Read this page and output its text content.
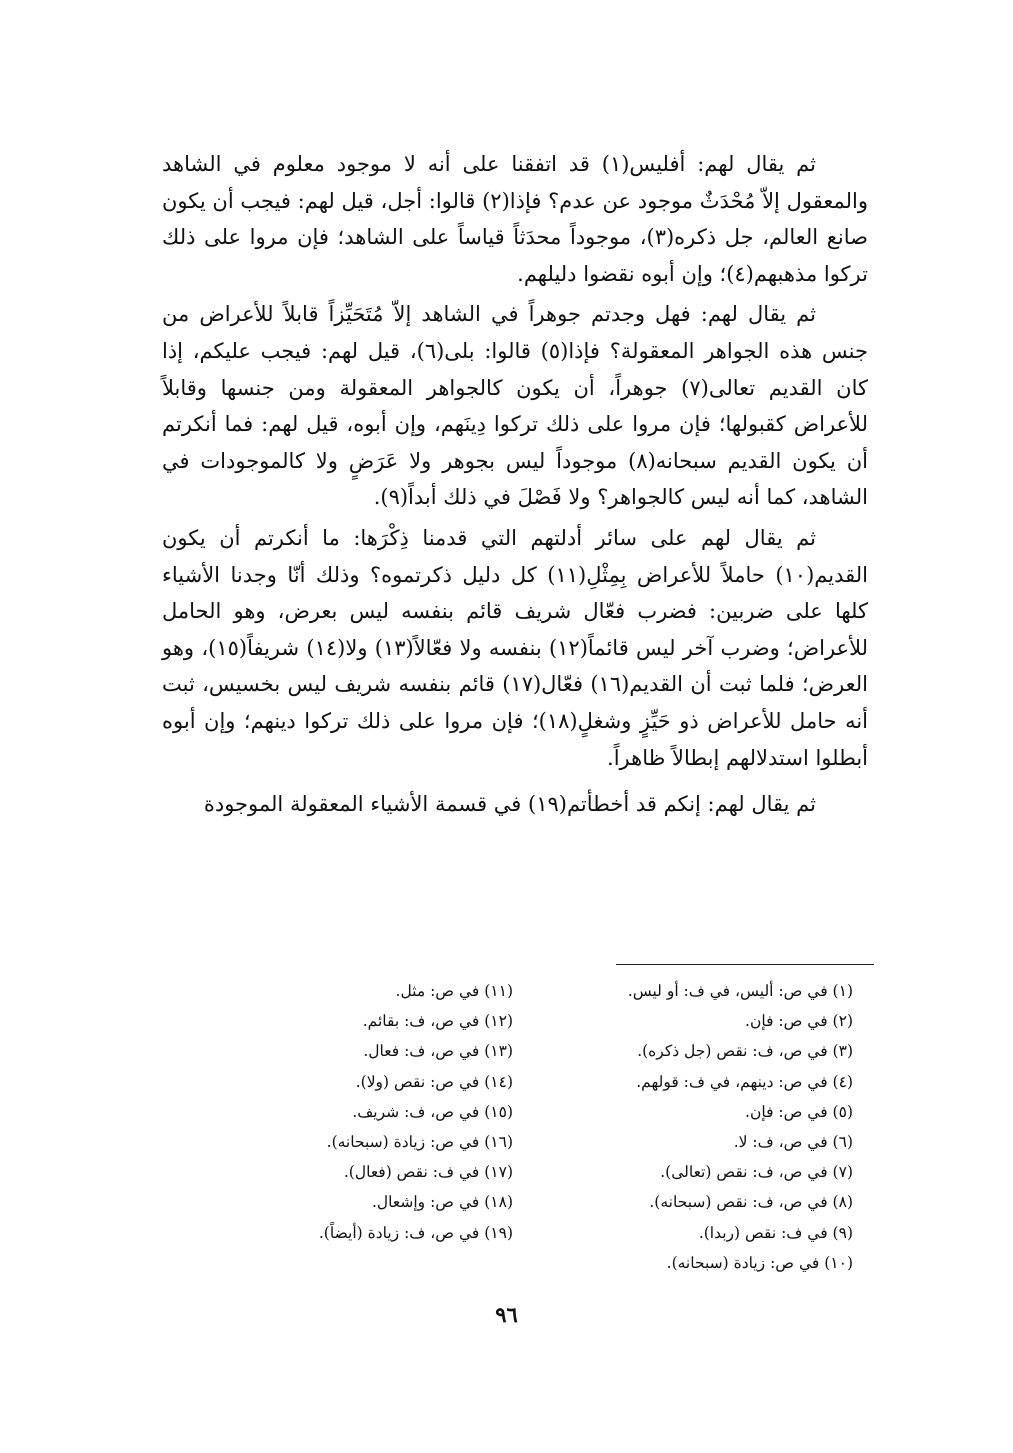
ثم يقال لهم: أفليس(١) قد اتفقنا على أنه لا موجود معلوم في الشاهد والمعقول إلاّ مُحْدَثٌ موجود عن عدم؟ فإذا(٢) قالوا: أجل، قيل لهم: فيجب أن يكون صانع العالم، جل ذكره(٣)، موجوداً محدَثاً قياساً على الشاهد؛ فإن مروا على ذلك تركوا مذهبهم(٤)؛ وإن أبوه نقضوا دليلهم.

ثم يقال لهم: فهل وجدتم جوهراً في الشاهد إلاّ مُتَحَيِّزاً قابلاً للأعراض من جنس هذه الجواهر المعقولة؟ فإذا(٥) قالوا: بلى(٦)، قيل لهم: فيجب عليكم، إذا كان القديم تعالى(٧) جوهراً، أن يكون كالجواهر المعقولة ومن جنسها وقابلاً للأعراض كقبولها؛ فإن مروا على ذلك تركوا دِينَهم، وإن أبوه، قيل لهم: فما أنكرتم أن يكون القديم سبحانه(٨) موجوداً ليس بجوهر ولا عَرَضٍ ولا كالموجودات في الشاهد، كما أنه ليس كالجواهر؟ ولا فَصْلَ في ذلك أبداً(٩).

ثم يقال لهم على سائر أدلتهم التي قدمنا ذِكْرَها: ما أنكرتم أن يكون القديم(١٠) حاملاً للأعراض بِمِثْلِ(١١) كل دليل ذكرتموه؟ وذلك أنّا وجدنا الأشياء كلها على ضربين: فضرب فعّال شريف قائم بنفسه ليس بعرض، وهو الحامل للأعراض؛ وضرب آخر ليس قائماً(١٢) بنفسه ولا فعّالاً(١٣) ولا(١٤) شريفاً(١٥)، وهو العرض؛ فلما ثبت أن القديم(١٦) فعّال(١٧) قائم بنفسه شريف ليس بخسيس، ثبت أنه حامل للأعراض ذو حَيِّزٍ وشغلٍ(١٨)؛ فإن مروا على ذلك تركوا دينهم؛ وإن أبوه أبطلوا استدلالهم إبطالاً ظاهراً.

ثم يقال لهم: إنكم قد أخطأتم(١٩) في قسمة الأشياء المعقولة الموجودة

(١) في ص: أليس، في ف: أو ليس.

(٢) في ص: فإن.

(٣) في ص، ف: نقص (جل ذكره).

(٤) في ص: دينهم، في ف: قولهم.

(٥) في ص: فإن.

(٦) في ص، ف: لا.

(٧) في ص، ف: نقص (تعالى).

(٨) في ص، ف: نقص (سبحانه).

(٩) في ف: نقص (ربدا).

(١٠) في ص: زيادة (سبحانه).

(١١) في ص: مثل.

(١٢) في ص، ف: بقائم.

(١٣) في ص، ف: فعال.

(١٤) في ص: نقص (ولا).

(١٥) في ص، ف: شريف.

(١٦) في ص: زيادة (سبحانه).

(١٧) في ف: نقص (فعال).

(١٨) في ص: وإشعال.

(١٩) في ص، ف: زيادة (أيضاً).

٩٦
